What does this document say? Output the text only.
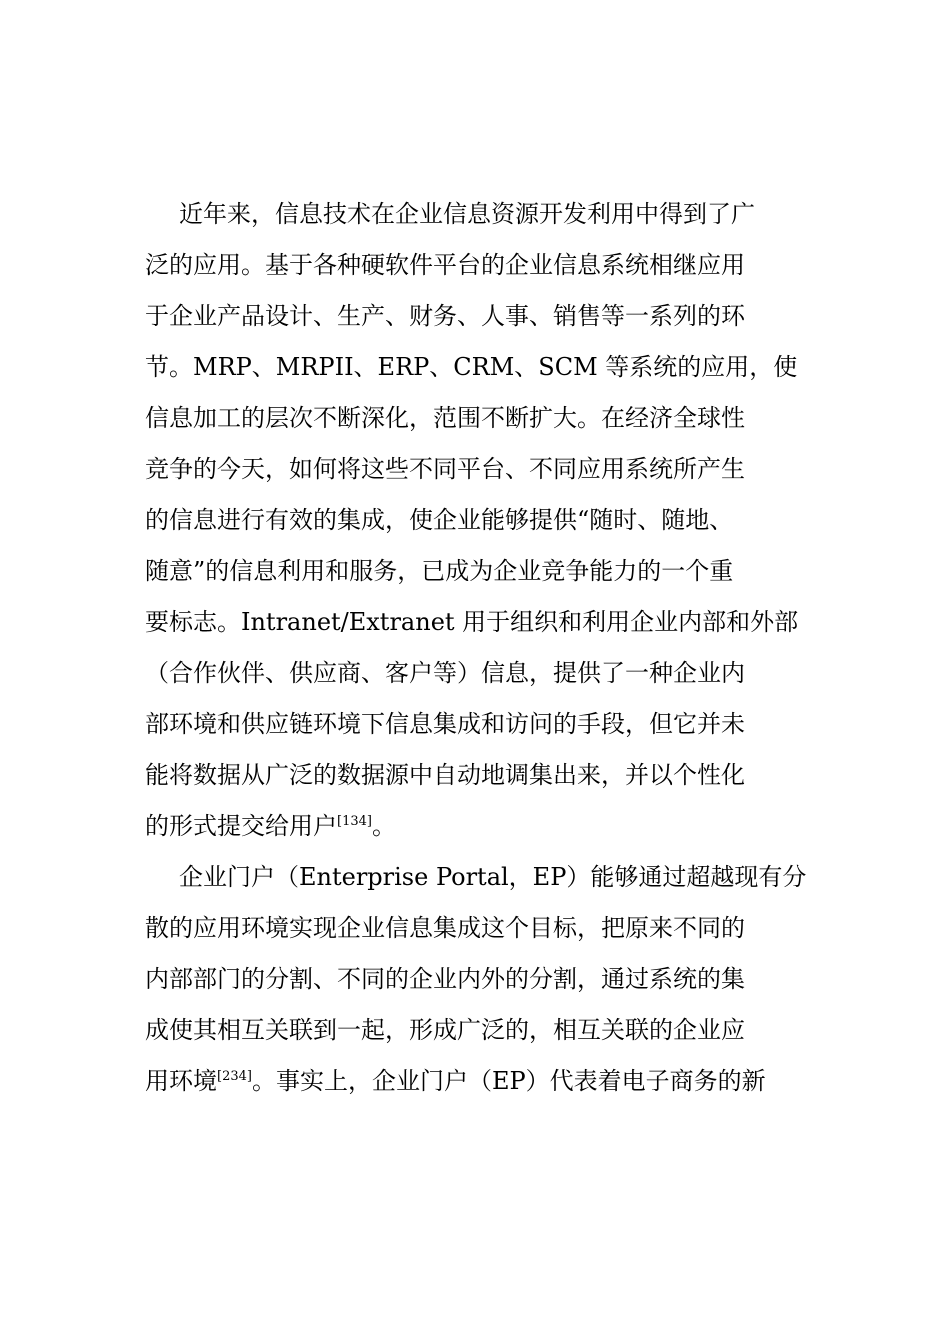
近年来，信息技术在企业信息资源开发利用中得到了广
泛的应用。基于各种硬软件平台的企业信息系统相继应用
于企业产品设计、生产、财务、人事、销售等一系列的环
节。MRP、MRPII、ERP、CRM、SCM 等系统的应用，使
信息加工的层次不断深化，范围不断扩大。在经济全球性
竞争的今天，如何将这些不同平台、不同应用系统所产生
的信息进行有效的集成，使企业能够提供“随时、随地、
随意”的信息利用和服务，已成为企业竞争能力的一个重
要标志。Intranet/Extranet 用于组织和利用企业内部和外部
（合作伙伴、供应商、客户等）信息，提供了一种企业内
部环境和供应链环境下信息集成和访问的手段，但它并未
能将数据从广泛的数据源中自动地调集出来，并以个性化
的形式提交给用户[134]。
企业门户（Enterprise Portal，EP）能够通过超越现有分
散的应用环境实现企业信息集成这个目标，把原来不同的
内部部门的分割、不同的企业内外的分割，通过系统的集
成使其相互关联到一起，形成广泛的，相互关联的企业应
用环境[234]。事实上，企业门户（EP）代表着电子商务的新
